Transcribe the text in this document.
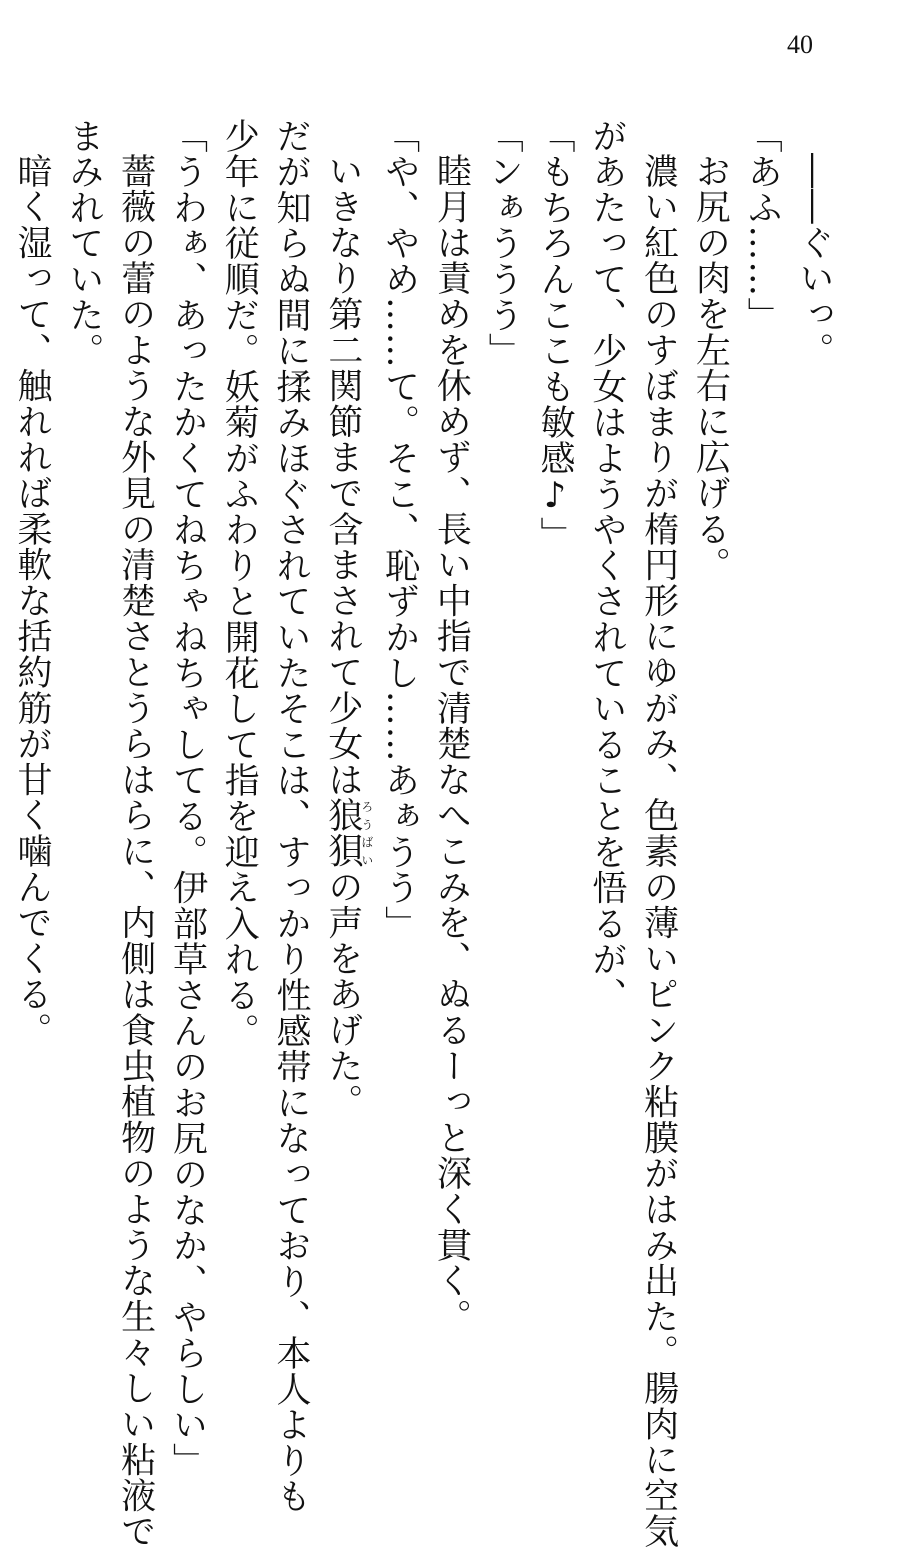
40

――ぐいっ。

「あふ……」

お尻の肉を左右に広げる。

濃い紅色のすぼまりが楕円形にゆがみ、色素の薄いピンク粘膜がはみ出た。腸肉に空気

があたって、少女はようやくされていることを悟るが、

「もちろんここも敏感♪」

「ンぁううう」

睦月は責めを休めず、長い中指で清楚なへこみを、ぬるーっと深く貫く。

「や、やめ……て。そこ、恥ずかし……あぁうう」

いきなり第二関節まで含まされて少女は狼狽ろうばいの声をあげた。

だが知らぬ間に揉みほぐされていたそこは、すっかり性感帯になっており、本人よりも

少年に従順だ。妖菊がふわりと開花して指を迎え入れる。

「うわぁ、あったかくてねちゃねちゃしてる。伊部草さんのお尻のなか、やらしい」

薔薇の蕾のような外見の清楚さとうらはらに、内側は食虫植物のような生々しい粘液で

まみれていた。

暗く湿って、触れれば柔軟な括約筋が甘く噛んでくる。
